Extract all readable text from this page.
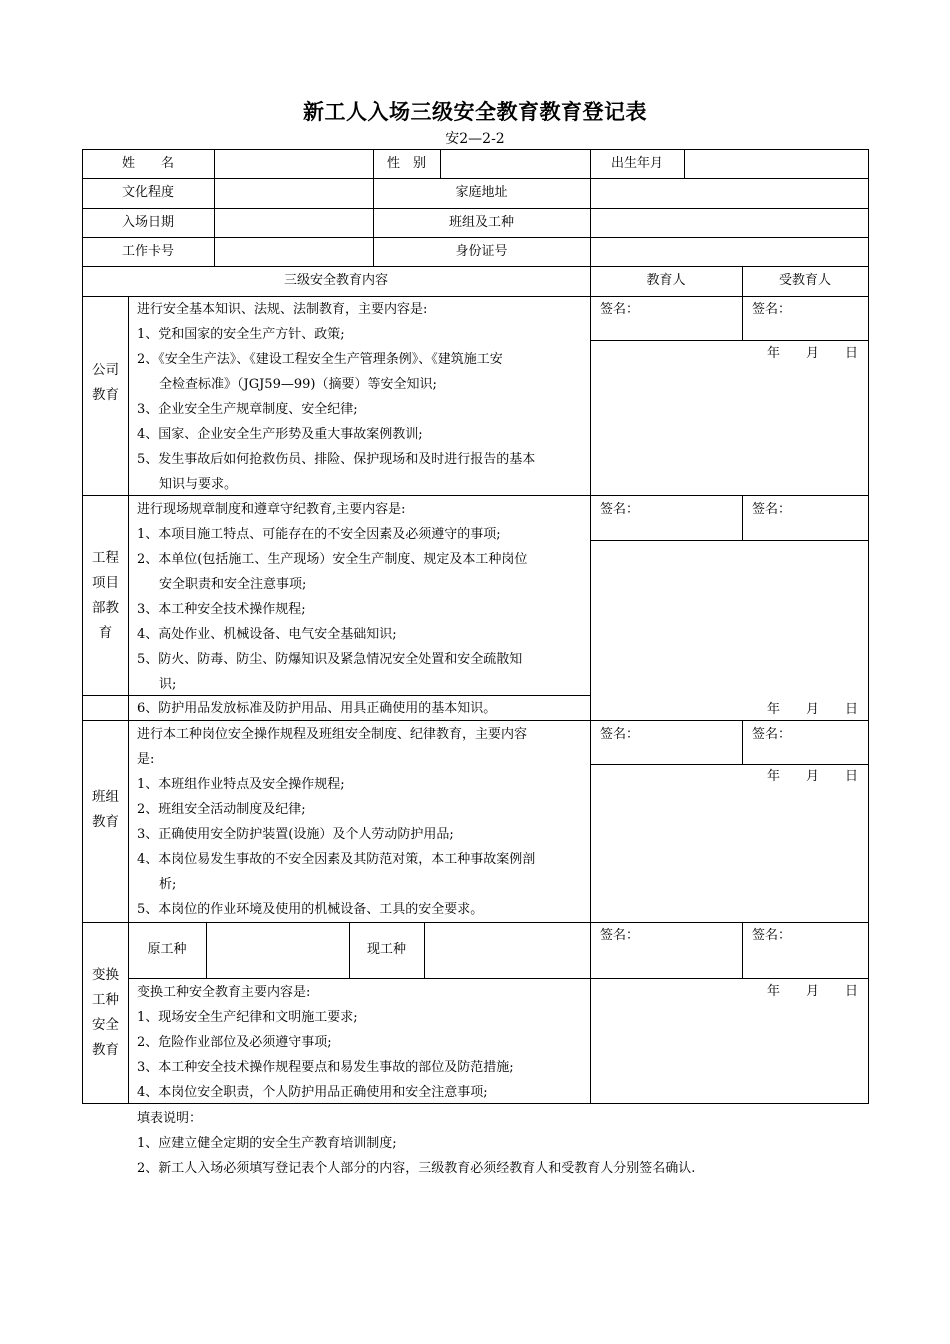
新工人入场三级安全教育教育登记表
安2—2-2
姓　　名	性　别	出生年月
文化程度	家庭地址
入场日期	班组及工种
工作卡号	身份证号
三级安全教育内容	教育人	受教育人
公司
教育
进行安全基本知识、法规、法制教育，主要内容是:
1、党和国家的安全生产方针、政策;
2、《安全生产法》、《建设工程安全生产管理条例》、《建筑施工安
全检查标准》（JGJ59—99)（摘要）等安全知识;
3、企业安全生产规章制度、安全纪律;
4、国家、企业安全生产形势及重大事故案例教训;
5、发生事故后如何抢救伤员、排险、保护现场和及时进行报告的基本
知识与要求。
签名：	签名：
年　　月　　日
工程
项目
部教
育
进行现场规章制度和遵章守纪教育,主要内容是:
1、本项目施工特点、可能存在的不安全因素及必须遵守的事项;
2、本单位(包括施工、生产现场）安全生产制度、规定及本工种岗位
安全职责和安全注意事项;
3、本工种安全技术操作规程;
4、高处作业、机械设备、电气安全基础知识;
5、防火、防毒、防尘、防爆知识及紧急情况安全处置和安全疏散知
识;
6、防护用品发放标准及防护用品、用具正确使用的基本知识。
签名：	签名：
年　　月　　日
班组
教育
进行本工种岗位安全操作规程及班组安全制度、纪律教育，主要内容
是:
1、本班组作业特点及安全操作规程;
2、班组安全活动制度及纪律;
3、正确使用安全防护装置(设施）及个人劳动防护用品;
4、本岗位易发生事故的不安全因素及其防范对策，本工种事故案例剖
析;
5、本岗位的作业环境及使用的机械设备、工具的安全要求。
签名：	签名：
年　　月　　日
变换
工种
安全
教育
原工种	现工种
变换工种安全教育主要内容是:
1、现场安全生产纪律和文明施工要求;
2、危险作业部位及必须遵守事项;
3、本工种安全技术操作规程要点和易发生事故的部位及防范措施;
4、本岗位安全职责，个人防护用品正确使用和安全注意事项;
签名：	签名：
年　　月　　日
填表说明：
1、应建立健全定期的安全生产教育培训制度;
2、新工人入场必须填写登记表个人部分的内容，三级教育必须经教育人和受教育人分别签名确认.
